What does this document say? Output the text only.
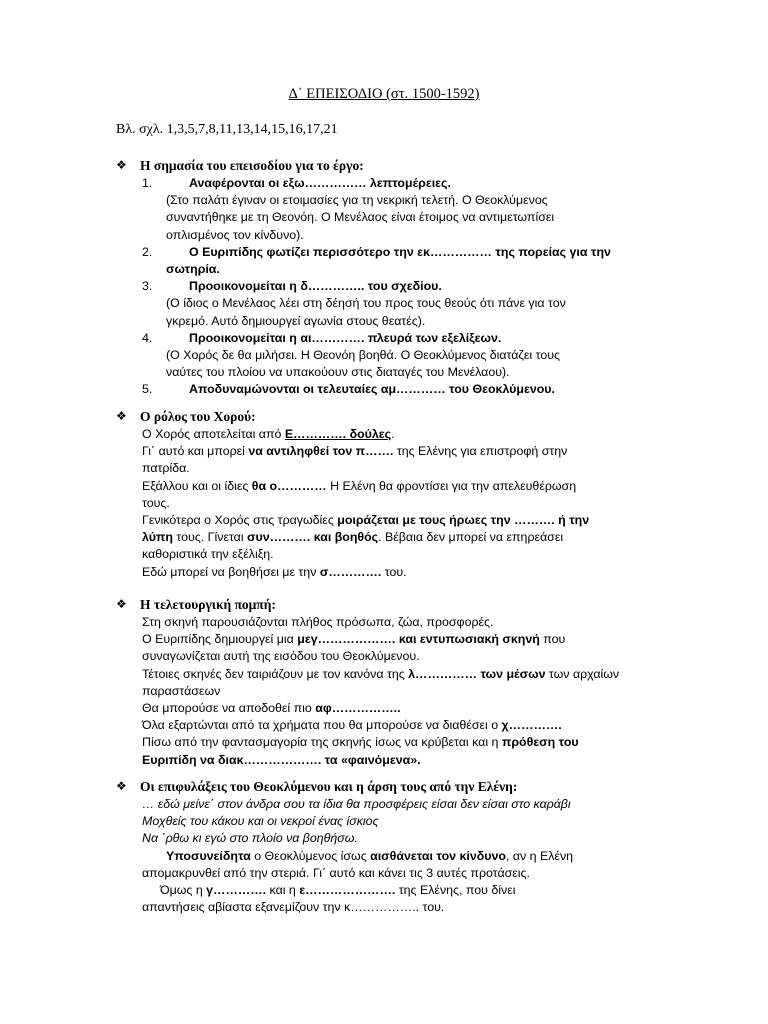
Δ΄ ΕΠΕΙΣΟΔΙΟ (στ. 1500-1592)
Βλ. σχλ. 1,3,5,7,8,11,13,14,15,16,17,21
❖ Η σημασία του επεισοδίου για το έργο:
1.	Αναφέρονται οι εξω…………… λεπτομέρειες.
(Στο παλάτι έγιναν οι ετοιμασίες για τη νεκρική τελετή. Ο Θεοκλύμενος
συναντήθηκε με τη Θεονόη. Ο Μενέλαος είναι έτοιμος να αντιμετωπίσει
οπλισμένος τον κίνδυνο).
2.	Ο Ευριπίδης φωτίζει περισσότερο την εκ…………… της πορείας για την
σωτηρία.
3.	Προοικονομείται η δ………….. του σχεδίου.
(Ο ίδιος ο Μενέλαος λέει στη δέησή του προς τους θεούς ότι πάνε για τον
γκρεμό. Αυτό δημιουργεί αγωνία στους θεατές).
4.	Προοικονομείται η αι…………. πλευρά των εξελίξεων.
(Ο Χορός δε θα μιλήσει. Η Θεονόη βοηθά. Ο Θεοκλύμενος διατάζει τους
ναύτες του πλοίου να υπακούουν στις διαταγές του Μενέλαου).
5.	Αποδυναμώνονται οι τελευταίες αμ………… του Θεοκλύμενου.
❖ Ο ρόλος του Χορού:
Ο Χορός αποτελείται από Ε…………. δούλες.
Γι΄ αυτό και μπορεί να αντιληφθεί τον π……. της Ελένης για επιστροφή στην
πατρίδα.
Εξάλλου και οι ίδιες θα ο………… Η Ελένη θα φροντίσει για την απελευθέρωση
τους.
Γενικότερα ο Χορός στις τραγωδίες μοιράζεται με τους ήρωες την ………. ή την
λύπη τους. Γίνεται συν………. και βοηθός. Βέβαια δεν μπορεί να επηρεάσει
καθοριστικά την εξέλιξη.
Εδώ μπορεί να βοηθήσει με την σ…………. του.
❖ Η τελετουργική πομπή:
Στη σκηνή παρουσιάζονται πλήθος πρόσωπα, ζώα, προσφορές.
Ο Ευριπίδης δημιουργεί μια μεγ………………. και εντυπωσιακή σκηνή που
συναγωνίζεται αυτή της εισόδου του Θεοκλύμενου.
Τέτοιες σκηνές δεν ταιριάζουν με τον κανόνα της λ…………… των μέσων των αρχαίων
παραστάσεων
Θα μπορούσε να αποδοθεί πιο αφ……………..
Όλα εξαρτώνται από τα χρήματα που θα μπορούσε να διαθέσει ο χ………….
Πίσω από την φαντασμαγορία της σκηνής ίσως να κρύβεται και η πρόθεση του
Ευριπίδη να διακ………………. τα «φαινόμενα».
❖ Οι επιφυλάξεις του Θεοκλύμενου και η άρση τους από την Ελένη:
… εδώ μείνε΄ στον άνδρα σου τα ίδια θα προσφέρεις είσαι δεν είσαι στο καράβι
Μοχθείς του κάκου και οι νεκροί ένας ίσκιος
Να ΄ρθω κι εγώ στο πλοίο να βοηθήσω.
Υποσυνείδητα ο Θεοκλύμενος ίσως αισθάνεται τον κίνδυνο, αν η Ελένη
απομακρυνθεί από την στεριά. Γι΄ αυτό και κάνει τις 3 αυτές προτάσεις.
Όμως η γ…………. και η ε…………………. της Ελένης, που δίνει
απαντήσεις αβίαστα εξανεμίζουν την κ…………….. του.
